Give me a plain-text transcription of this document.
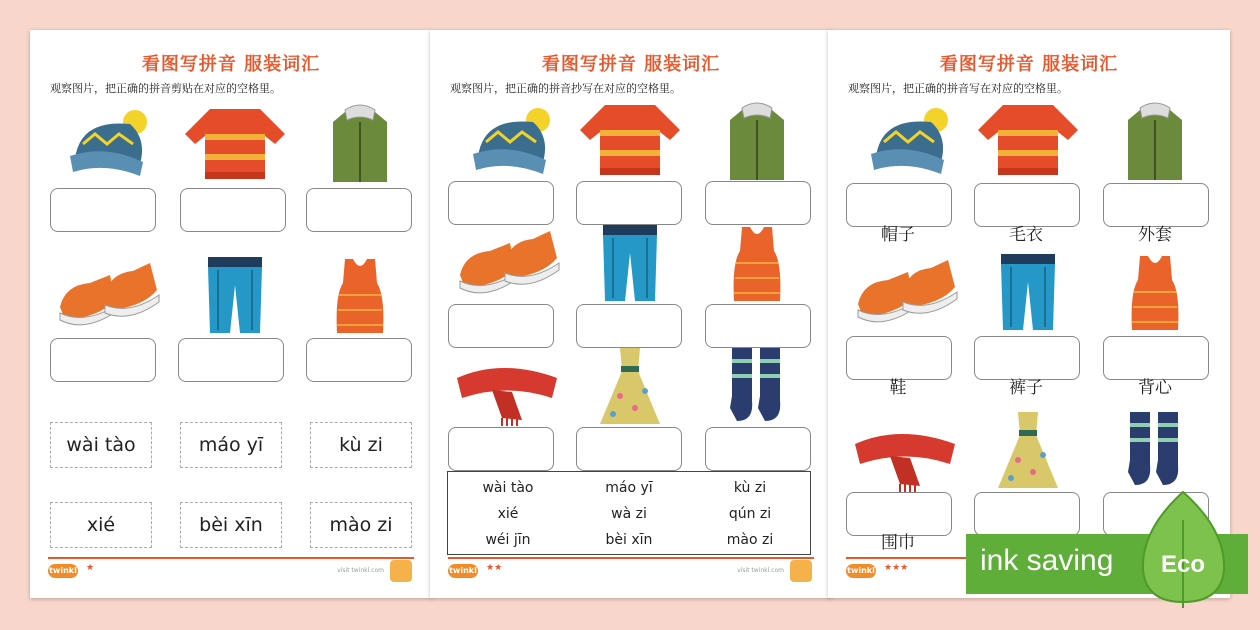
看图写拼音 服装词汇
观察图片，把正确的拼音剪贴在对应的空格里。
wài tào	máo yī	kù zi
xié	bèi xīn	mào zi
twinkl ★	visit twinkl.com
看图写拼音 服装词汇
观察图片，把正确的拼音抄写在对应的空格里。
wài tào	máo yī	kù zi
xié	wà zi	qún zi
wéi jīn	bèi xīn	mào zi
twinkl ★★	visit twinkl.com
看图写拼音 服装词汇
观察图片，把正确的拼音写在对应的空格里。
帽子	毛衣	外套
鞋	裤子	背心
围巾
twinkl ★★★ ink saving Eco
